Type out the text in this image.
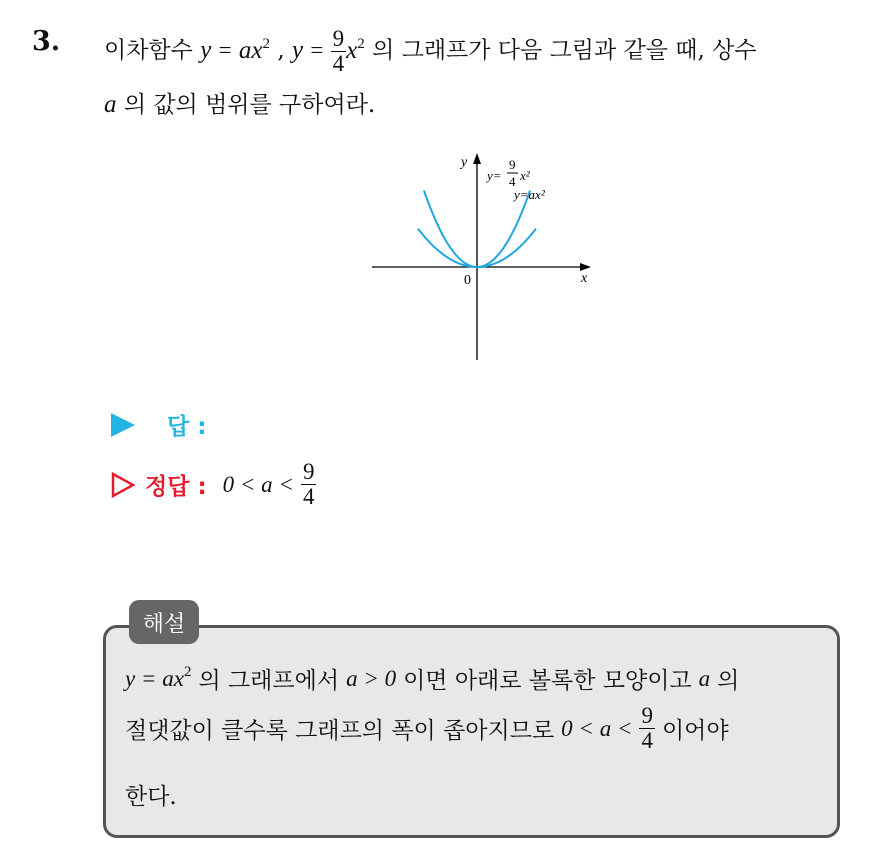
3. 이차함수 $y = ax^2$ , $y = \frac{9}{4} x^2$ 의 그래프가 다음 그림과 같을 때, 상수
a 의 값의 범위를 구하여라.
y
x
0
y=
9
4 x²
y=ax²
답 :
정답 : $0 < a < \frac{9}{4}$
해설
$y = ax^2$ 의 그래프에서 a > 0 이면 아래로 볼록한 모양이고 a 의
절댓값이 클수록 그래프의 폭이 좁아지므로 $0 < a < \frac{9}{4}$ 이어야
한다.
